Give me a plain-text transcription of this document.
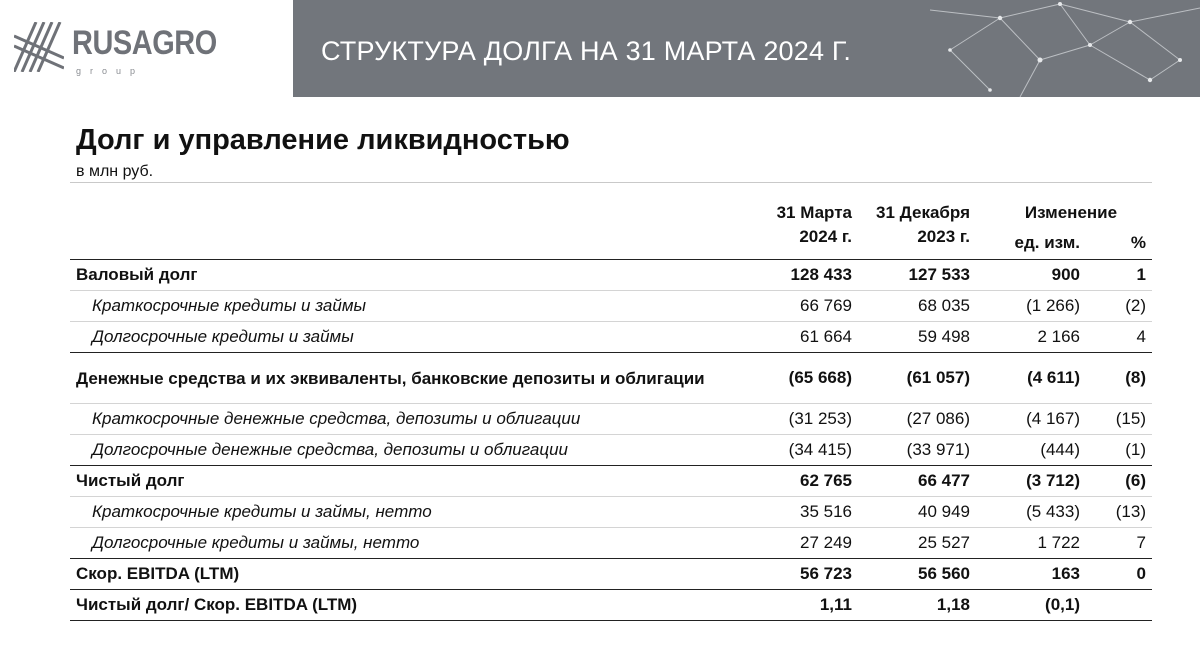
RUSAGRO
group
СТРУКТУРА ДОЛГА НА 31 МАРТА 2024 Г.
Долг и управление ликвидностью
в млн руб.
	31 Марта	31 Декабря	Изменение	
	2024 г.	2023 г.	ед. изм.	%
Валовый долг	128 433	127 533	900	1
Краткосрочные кредиты и займы	66 769	68 035	(1 266)	(2)
Долгосрочные кредиты и займы	61 664	59 498	2 166	4
Денежные средства и их эквиваленты, банковские депозиты и облигации	(65 668)	(61 057)	(4 611)	(8)
Краткосрочные денежные средства, депозиты и облигации	(31 253)	(27 086)	(4 167)	(15)
Долгосрочные денежные средства, депозиты и облигации	(34 415)	(33 971)	(444)	(1)
Чистый долг	62 765	66 477	(3 712)	(6)
Краткосрочные кредиты и займы, нетто	35 516	40 949	(5 433)	(13)
Долгосрочные кредиты и займы, нетто	27 249	25 527	1 722	7
Скор. EBITDA (LTM)	56 723	56 560	163	0
Чистый долг/ Скор. EBITDA (LTM)	1,11	1,18	(0,1)	
